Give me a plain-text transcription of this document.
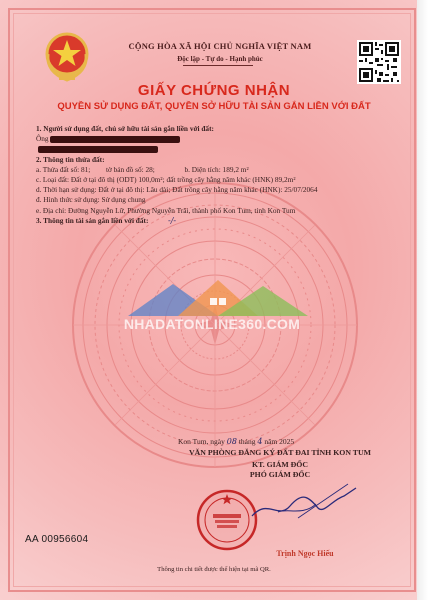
CỘNG HÒA XÃ HỘI CHỦ NGHĨA VIỆT NAM
Độc lập - Tự do - Hạnh phúc
GIẤY CHỨNG NHẬN
QUYỀN SỬ DỤNG ĐẤT, QUYỀN SỞ HỮU TÀI SẢN GẮN LIỀN VỚI ĐẤT
1. Người sử dụng đất, chủ sở hữu tài sản gắn liền với đất:
Ông
2. Thông tin thửa đất:
a. Thửa đất số: 81; tờ bản đồ số: 28;	b. Diện tích: 189,2 m²
c. Loại đất: Đất ở tại đô thị (ODT) 100,0m²; đất trồng cây hằng năm khác (HNK) 89,2m²
d. Thời hạn sử dụng: Đất ở tại đô thị: Lâu dài; Đất trồng cây hằng năm khác (HNK): 25/07/2064
đ. Hình thức sử dụng: Sử dụng chung
e. Địa chỉ: Đường Nguyễn Lữ, Phường Nguyễn Trãi, thành phố Kon Tum, tỉnh Kon Tum
3. Thông tin tài sản gắn liền với đất: -/-
NHADATONLINE360.COM
Kon Tum, ngày 08 tháng 4 năm 2025
VĂN PHÒNG ĐĂNG KÝ ĐẤT ĐAI TỈNH KON TUM
KT. GIÁM ĐỐC
PHÓ GIÁM ĐỐC
Trịnh Ngọc Hiếu
AA 00956604
Thông tin chi tiết được thể hiện tại mã QR.
